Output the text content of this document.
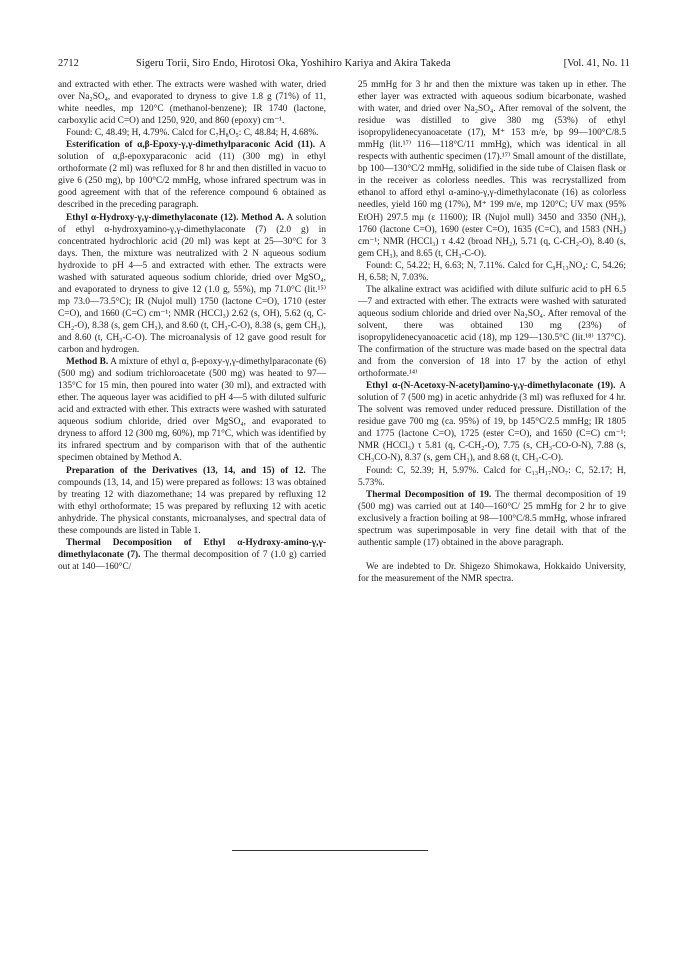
2712	Sigeru Torii, Siro Endo, Hirotosi Oka, Yoshihiro Kariya and Akira Takeda	[Vol. 41, No. 11

and extracted with ether. The extracts were washed with water, dried over Na₂SO₄, and evaporated to dryness to give 1.8 g (71%) of 11, white needles, mp 120°C (methanol-benzene); IR 1740 (lactone, carboxylic acid C=O) and 1250, 920, and 860 (epoxy) cm⁻¹.

Found: C, 48.49; H, 4.79%. Calcd for C₇H₈O₅: C, 48.84; H, 4.68%.

Esterification of α,β-Epoxy-γ,γ-dimethylparaconic Acid (11). A solution of α,β-epoxyparaconic acid (11) (300 mg) in ethyl orthoformate (2 ml) was refluxed for 8 hr and then distilled in vacuo to give 6 (250 mg), bp 100°C/2 mmHg, whose infrared spectrum was in good agreement with that of the reference compound 6 obtained as described in the preceding paragraph.

Ethyl α-Hydroxy-γ,γ-dimethylaconate (12). Method A. A solution of ethyl α-hydroxyamino-γ,γ-dimethylaconate (7) (2.0 g) in concentrated hydrochloric acid (20 ml) was kept at 25—30°C for 3 days. Then, the mixture was neutralized with 2 N aqueous sodium hydroxide to pH 4—5 and extracted with ether. The extracts were washed with saturated aqueous sodium chloride, dried over MgSO₄, and evaporated to dryness to give 12 (1.0 g, 55%), mp 71.0°C (lit.¹⁵⁾ mp 73.0—73.5°C); IR (Nujol mull) 1750 (lactone C=O), 1710 (ester C=O), and 1660 (C=C) cm⁻¹; NMR (HCCl₃) 2.62 (s, OH), 5.62 (q, C-CH₂-O), 8.38 (s, gem CH₃), and 8.60 (t, CH₃-C-O), 8.38 (s, gem CH₃), and 8.60 (t, CH₃-C-O). The microanalysis of 12 gave good result for carbon and hydrogen.

Method B. A mixture of ethyl α, β-epoxy-γ,γ-dimethylparaconate (6) (500 mg) and sodium trichloroacetate (500 mg) was heated to 97—135°C for 15 min, then poured into water (30 ml), and extracted with ether. The aqueous layer was acidified to pH 4—5 with diluted sulfuric acid and extracted with ether. This extracts were washed with saturated aqueous sodium chloride, dried over MgSO₄, and evaporated to dryness to afford 12 (300 mg, 60%), mp 71°C, which was identified by its infrared spectrum and by comparison with that of the authentic specimen obtained by Method A.

Preparation of the Derivatives (13, 14, and 15) of 12. The compounds (13, 14, and 15) were prepared as follows: 13 was obtained by treating 12 with diazomethane; 14 was prepared by refluxing 12 with ethyl orthoformate; 15 was prepared by refluxing 12 with acetic anhydride. The physical constants, microanalyses, and spectral data of these compounds are listed in Table 1.

Thermal Decomposition of Ethyl α-Hydroxy-amino-γ,γ-dimethylaconate (7). The thermal decomposition of 7 (1.0 g) carried out at 140—160°C/

25 mmHg for 3 hr and then the mixture was taken up in ether. The ether layer was extracted with aqueous sodium bicarbonate, washed with water, and dried over Na₂SO₄. After removal of the solvent, the residue was distilled to give 380 mg (53%) of ethyl isopropylidenecyanoacetate (17), M⁺ 153 m/e, bp 99—100°C/8.5 mmHg (lit.¹⁷⁾ 116—118°C/11 mmHg), which was identical in all respects with authentic specimen (17).¹⁷⁾ Small amount of the distillate, bp 100—130°C/2 mmHg, solidified in the side tube of Claisen flask or in the receiver as colorless needles. This was recrystallized from ethanol to afford ethyl α-amino-γ,γ-dimethylaconate (16) as colorless needles, yield 160 mg (17%), M⁺ 199 m/e, mp 120°C; UV max (95% EtOH) 297.5 mμ (ε 11600); IR (Nujol mull) 3450 and 3350 (NH₂), 1760 (lactone C=O), 1690 (ester C=O), 1635 (C=C), and 1583 (NH₂) cm⁻¹; NMR (HCCl₃) τ 4.42 (broad NH₂), 5.71 (q, C-CH₂-O), 8.40 (s, gem CH₃), and 8.65 (t, CH₃-C-O).

Found: C, 54.22; H, 6.63; N, 7.11%. Calcd for C₉H₁₃NO₄: C, 54.26; H, 6.58; N, 7.03%.

The alkaline extract was acidified with dilute sulfuric acid to pH 6.5—7 and extracted with ether. The extracts were washed with saturated aqueous sodium chloride and dried over Na₂SO₄. After removal of the solvent, there was obtained 130 mg (23%) of isopropylidenecyanoacetic acid (18), mp 129—130.5°C (lit.¹⁸⁾ 137°C). The confirmation of the structure was made based on the spectral data and from the conversion of 18 into 17 by the action of ethyl orthoformate.¹⁴⁾

Ethyl α-(N-Acetoxy-N-acetyl)amino-γ,γ-dimethylaconate (19). A solution of 7 (500 mg) in acetic anhydride (3 ml) was refluxed for 4 hr. The solvent was removed under reduced pressure. Distillation of the residue gave 700 mg (ca. 95%) of 19, bp 145°C/2.5 mmHg; IR 1805 and 1775 (lactone C=O), 1725 (ester C=O), and 1650 (C=C) cm⁻¹; NMR (HCCl₃) τ 5.81 (q, C-CH₂-O), 7.75 (s, CH₃-CO-O-N), 7.88 (s, CH₃CO-N), 8.37 (s, gem CH₃), and 8.68 (t, CH₃-C-O).

Found: C, 52.39; H, 5.97%. Calcd for C₁₃H₁₇NO₇: C, 52.17; H, 5.73%.

Thermal Decomposition of 19. The thermal decomposition of 19 (500 mg) was carried out at 140—160°C/ 25 mmHg for 2 hr to give exclusively a fraction boiling at 98—100°C/8.5 mmHg, whose infrared spectrum was superimposable in very fine detail with that of the authentic sample (17) obtained in the above paragraph.

We are indebted to Dr. Shigezo Shimokawa, Hokkaido University, for the measurement of the NMR spectra.
